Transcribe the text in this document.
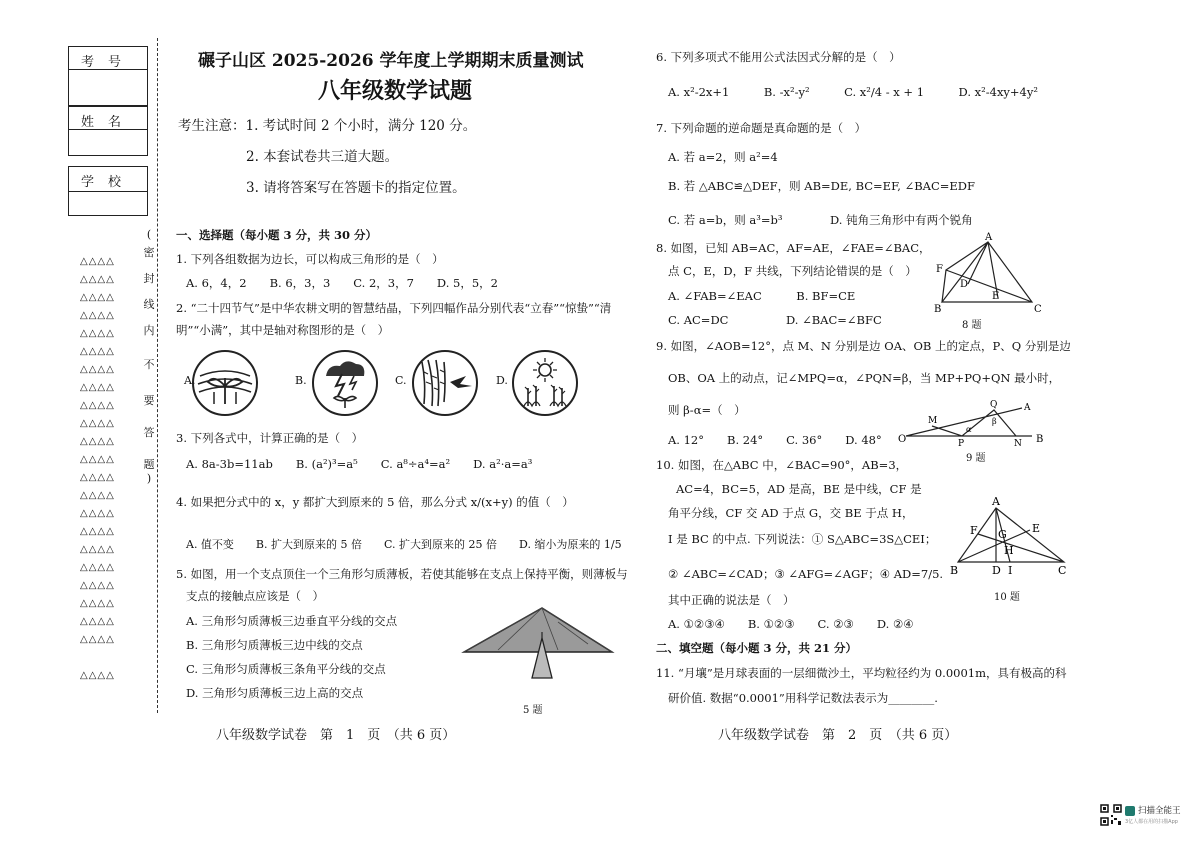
考号
姓名
学校
(
密
封
线
内
不
要
答
题
)
△△△△
△△△△
△△△△
△△△△
△△△△
△△△△
△△△△
△△△△
△△△△
△△△△
△△△△
△△△△
△△△△
△△△△
△△△△
△△△△
△△△△
△△△△
△△△△
△△△△
△△△△
△△△△
△△△△
碾子山区 2025-2026 学年度上学期期末质量测试
八年级数学试题
考生注意：1. 考试时间 2 个小时，满分 120 分。
2. 本套试卷共三道大题。
3. 请将答案写在答题卡的指定位置。
一、选择题（每小题 3 分，共 30 分）
1. 下列各组数据为边长，可以构成三角形的是（　）
A. 6，4，2　　B. 6，3，3　　C. 2，3，7　　D. 5，5，2
2. “二十四节气”是中华农耕文明的智慧结晶，下列四幅作品分别代表“立春”“惊蛰”“清
明”“小满”，其中是轴对称图形的是（　）
A.	B.	C.	D.
3. 下列各式中，计算正确的是（　）
A. 8a-3b=11ab　　B. (a²)³=a⁵　　C. a⁸÷a⁴=a²　　D. a²·a=a³
4. 如果把分式中的 x，y 都扩大到原来的 5 倍，那么分式 x/(x+y) 的值（　）
A. 值不变　　B. 扩大到原来的 5 倍　　C. 扩大到原来的 25 倍　　D. 缩小为原来的 1/5
5. 如图，用一个支点顶住一个三角形匀质薄板，若使其能够在支点上保持平衡，则薄板与
支点的接触点应该是（　）
A. 三角形匀质薄板三边垂直平分线的交点
B. 三角形匀质薄板三边中线的交点
C. 三角形匀质薄板三条角平分线的交点
D. 三角形匀质薄板三边上高的交点
5 题
八年级数学试卷　第　1　页　（共 6 页）
6. 下列多项式不能用公式法因式分解的是（　）
A. x²-2x+1　　　B. -x²-y²　　　C. x²/4 - x + 1　　　D. x²-4xy+4y²
7. 下列命题的逆命题是真命题的是（　）
A. 若 a=2，则 a²=4
B. 若 △ABC≌△DEF，则 AB=DE, BC=EF, ∠BAC=EDF
C. 若 a=b，则 a³=b³	D. 钝角三角形中有两个锐角
8. 如图，已知 AB=AC，AF=AE，∠FAE=∠BAC，
点 C，E，D，F 共线，下列结论错误的是（　）
A. ∠FAB=∠EAC　　　B. BF=CE
C. AC=DC　　　　　D. ∠BAC=∠BFC
A
F
B
D
E
C
8 题
9. 如图，∠AOB=12°，点 M、N 分别是边 OA、OB 上的定点，P、Q 分别是边
OB、OA 上的动点，记∠MPQ=α，∠PQN=β，当 MP+PQ+QN 最小时，
则 β-α=（　）
A. 12°　　B. 24°　　C. 36°　　D. 48° O
M
P	N B
Q	A
α
β
9 题
10. 如图，在△ABC 中，∠BAC=90°，AB=3，
AC=4，BC=5，AD 是高，BE 是中线，CF 是
角平分线，CF 交 AD 于点 G，交 BE 于点 H，
I 是 BC 的中点. 下列说法：① S△ABC=3S△CEI；
② ∠ABC=∠CAD；③ ∠AFG=∠AGF；④ AD=7/5.
其中正确的说法是（　）
A. ①②③④　　B. ①②③　　C. ②③　　D. ②④
A
F G E
H
B	D I	C
10 题
二、填空题（每小题 3 分，共 21 分）
11. “月壤”是月球表面的一层细微沙土，平均粒径约为 0.0001m，具有极高的科
研价值. 数据“0.0001”用科学记数法表示为________.
八年级数学试卷　第　2　页　（共 6 页）
扫描全能王
3亿人都在用的扫描App
